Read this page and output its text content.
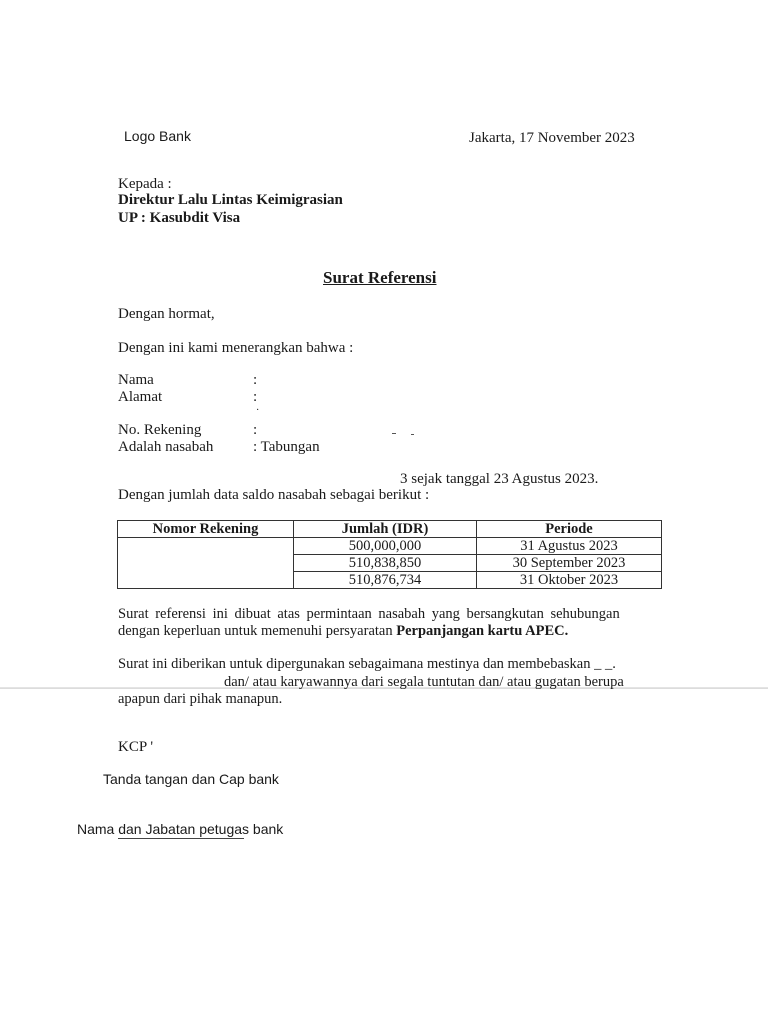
Logo Bank	Jakarta, 17 November 2023
Kepada :
Direktur Lalu Lintas Keimigrasian
UP : Kasubdit Visa
Surat Referensi
Dengan hormat,
Dengan ini kami menerangkan bahwa :
Nama	:
Alamat	:
·
No. Rekening	:
Adalah nasabah	: Tabungan
3 sejak tanggal 23 Agustus 2023.
Dengan jumlah data saldo nasabah sebagai berikut :
Nomor Rekening	Jumlah (IDR)	Periode
	500,000,000	31 Agustus 2023
	510,838,850	30 September 2023
	510,876,734	31 Oktober 2023
Surat referensi ini dibuat atas permintaan nasabah yang bersangkutan sehubungan
dengan keperluan untuk memenuhi persyaratan Perpanjangan kartu APEC.
Surat ini diberikan untuk dipergunakan sebagaimana mestinya dan membebaskan _ _.
dan/ atau karyawannya dari segala tuntutan dan/ atau gugatan berupa
apapun dari pihak manapun.
KCP '
Tanda tangan dan Cap bank
Nama dan Jabatan petugas bank
